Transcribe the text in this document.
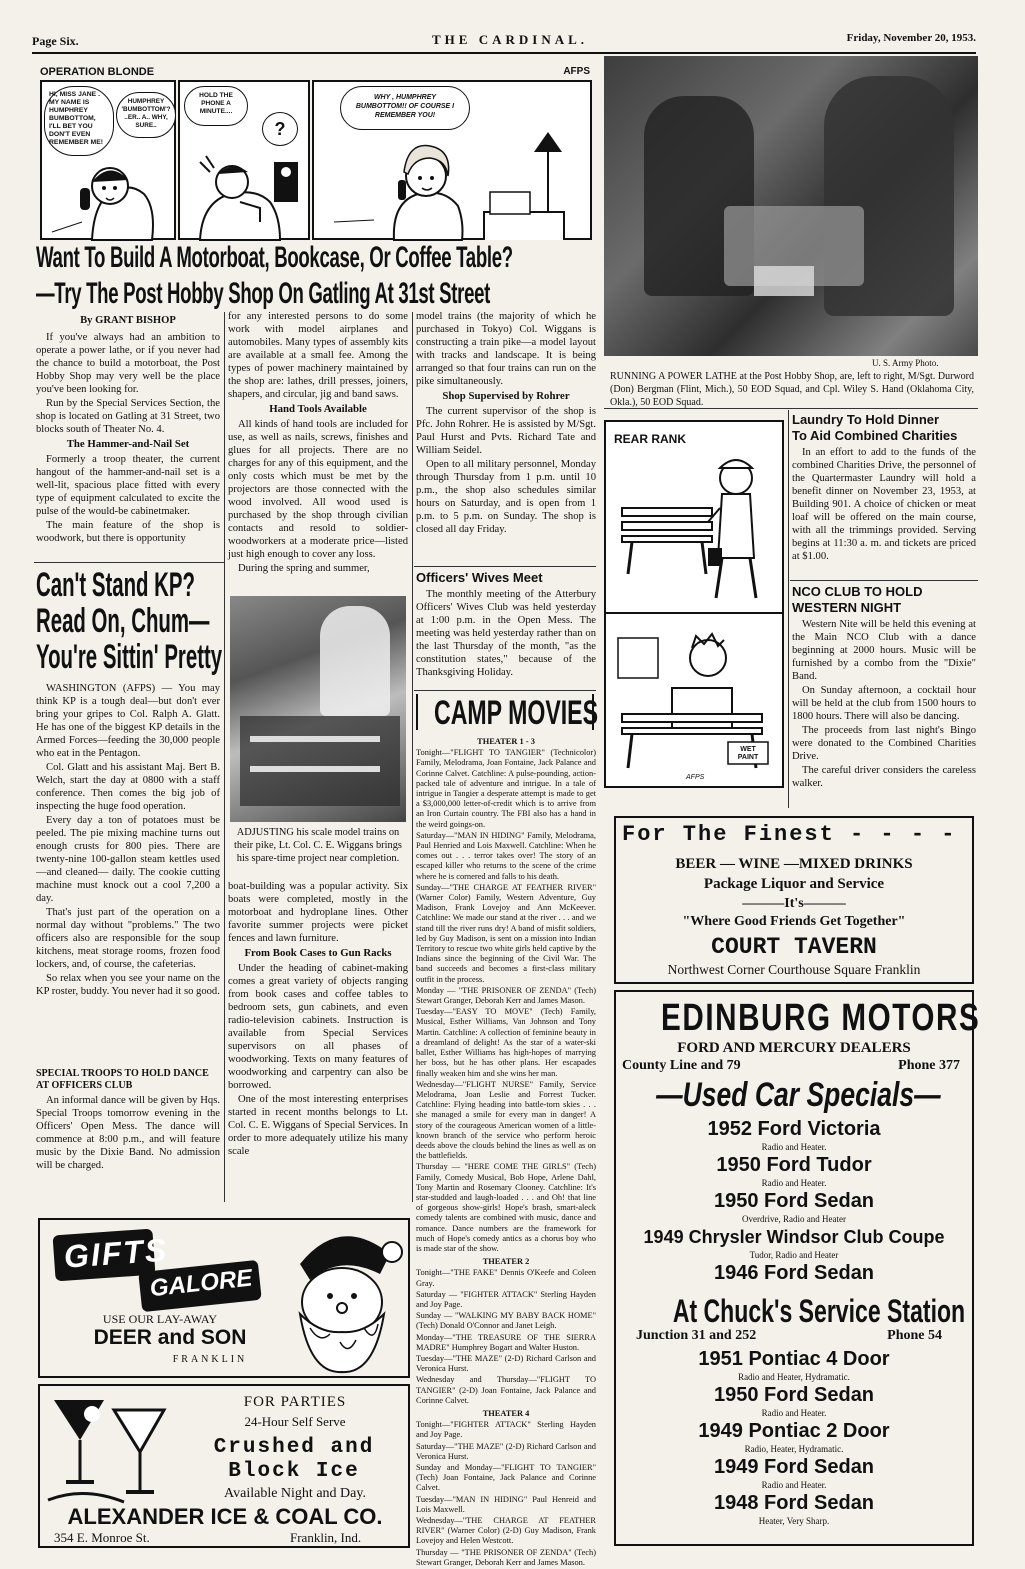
Page Six.	THE CARDINAL.	Friday, November 20, 1953.
OPERATION BLONDE	AFPS
HI, MISS JANE . MY NAME IS HUMPHREY BUMBOTTOM, I'LL BET YOU DON'T EVEN REMEMBER ME!
HUMPHREY 'BUMBOTTOM'? ..ER.. A.. WHY, SURE..
HOLD THE PHONE A MINUTE....
?
WHY , HUMPHREY BUMBOTTOM!! OF COURSE I REMEMBER YOU!
U. S. Army Photo.
RUNNING A POWER LATHE at the Post Hobby Shop, are, left to right, M/Sgt. Durword (Don) Bergman (Flint, Mich.), 50 EOD Squad, and Cpl. Wiley S. Hand (Oklahoma City, Okla.), 50 EOD Squad.
Want To Build A Motorboat, Bookcase, Or Coffee Table?
—Try The Post Hobby Shop On Gatling At 31st Street
By GRANT BISHOP

If you've always had an ambition to operate a power lathe, or if you never had the chance to build a motorboat, the Post Hobby Shop may very well be the place you've been looking for.

Run by the Special Services Section, the shop is located on Gatling at 31 Street, two blocks south of Theater No. 4.

The Hammer-and-Nail Set

Formerly a troop theater, the current hangout of the hammer-and-nail set is a well-lit, spacious place fitted with every type of equipment calculated to excite the pulse of the would-be cabinetmaker.

The main feature of the shop is woodwork, but there is opportunity

for any interested persons to do some work with model airplanes and automobiles. Many types of assembly kits are available at a small fee. Among the types of power machinery maintained by the shop are: lathes, drill presses, joiners, shapers, and circular, jig and band saws.

Hand Tools Available

All kinds of hand tools are included for use, as well as nails, screws, finishes and glues for all projects. There are no charges for any of this equipment, and the only costs which must be met by the projectors are those connected with the wood involved. All wood used is purchased by the shop through civilian contacts and resold to soldier-woodworkers at a moderate price—listed just high enough to cover any loss.

During the spring and summer,

ADJUSTING his scale model trains on their pike, Lt. Col. C. E. Wiggans brings his spare-time project near completion.

boat-building was a popular activity. Six boats were completed, mostly in the motorboat and hydroplane lines. Other favorite summer projects were picket fences and lawn furniture.

From Book Cases to Gun Racks

Under the heading of cabinet-making comes a great variety of objects ranging from book cases and coffee tables to bedroom sets, gun cabinets, and even radio-television cabinets. Instruction is available from Special Services supervisors on all phases of woodworking. Texts on many features of woodworking and carpentry can also be borrowed.

One of the most interesting enterprises started in recent months belongs to Lt. Col. C. E. Wiggans of Special Services. In order to more adequately utilize his many scale

model trains (the majority of which he purchased in Tokyo) Col. Wiggans is constructing a train pike—a model layout with tracks and landscape. It is being arranged so that four trains can run on the pike simultaneously.

Shop Supervised by Rohrer

The current supervisor of the shop is Pfc. John Rohrer. He is assisted by M/Sgt. Paul Hurst and Pvts. Richard Tate and William Seidel.

Open to all military personnel, Monday through Thursday from 1 p.m. until 10 p.m., the shop also schedules similar hours on Saturday, and is open from 1 p.m. to 5 p.m. on Sunday. The shop is closed all day Friday.

Officers' Wives Meet

The monthly meeting of the Atterbury Officers' Wives Club was held yesterday at 1:00 p.m. in the Open Mess. The meeting was held yesterday rather than on the last Thursday of the month, "as the constitution states," because of the Thanksgiving Holiday.

CAMP MOVIES
THEATER 1 - 3

Tonight—"FLIGHT TO TANGIER" (Technicolor) Family, Melodrama, Joan Fontaine, Jack Palance and Corinne Calvet. Catchline: A pulse-pounding, action-packed tale of adventure and intrigue. In a tale of intrigue in Tangier a desperate attempt is made to get a $3,000,000 letter-of-credit which is to arrive from an Iron Curtain country. The FBI also has a hand in the weird goings-on.

Saturday—"MAN IN HIDING" Family, Melodrama, Paul Henried and Lois Maxwell. Catchline: When he comes out . . . terror takes over! The story of an escaped killer who returns to the scene of the crime where he is cornered and falls to his death.

Sunday—"THE CHARGE AT FEATHER RIVER" (Warner Color) Family, Western Adventure, Guy Madison, Frank Lovejoy and Ann McKeever. Catchline: We made our stand at the river . . . and we stand till the river runs dry! A band of misfit soldiers, led by Guy Madison, is sent on a mission into Indian Territory to rescue two white girls held captive by the Indians since the beginning of the Civil War. The band succeeds and becomes a first-class military outfit in the process.

Monday — "THE PRISONER OF ZENDA" (Tech) Stewart Granger, Deborah Kerr and James Mason.

Tuesday—"EASY TO MOVE" (Tech) Family, Musical, Esther Williams, Van Johnson and Tony Martin. Catchline: A collection of feminine beauty in a dreamland of delight! As the star of a water-ski ballet, Esther Williams has high-hopes of marrying her boss, but he has other plans. Her escapades finally weaken him and she wins her man.

Wednesday—"FLIGHT NURSE" Family, Service Melodrama, Joan Leslie and Forrest Tucker. Catchline: Flying heading into battle-torn skies . . . she managed a smile for every man in danger! A story of the courageous American women of a little-known branch of the service who perform heroic deeds above the clouds behind the lines as well as on the battlefields.

Thursday — "HERE COME THE GIRLS" (Tech) Family, Comedy Musical, Bob Hope, Arlene Dahl, Tony Martin and Rosemary Clooney. Catchline: It's star-studded and laugh-loaded . . . and Oh! that line of gorgeous show-girls! Hope's brash, smart-aleck comedy talents are combined with music, dance and romance. Dance numbers are the framework for much of Hope's comedy antics as a chorus boy who is made star of the show.

THEATER 2

Tonight—"THE FAKE" Dennis O'Keefe and Coleen Gray.

Saturday — "FIGHTER ATTACK" Sterling Hayden and Joy Page.

Sunday — "WALKING MY BABY BACK HOME" (Tech) Donald O'Connor and Janet Leigh.

Monday—"THE TREASURE OF THE SIERRA MADRE" Humphrey Bogart and Walter Huston.

Tuesday—"THE MAZE" (2-D) Richard Carlson and Veronica Hurst.

Wednesday and Thursday—"FLIGHT TO TANGIER" (2-D) Joan Fontaine, Jack Palance and Corinne Calvet.

THEATER 4

Tonight—"FIGHTER ATTACK" Sterling Hayden and Joy Page.

Saturday—"THE MAZE" (2-D) Richard Carlson and Veronica Hurst.

Sunday and Monday—"FLIGHT TO TANGIER" (Tech) Joan Fontaine, Jack Palance and Corinne Calvet.

Tuesday—"MAN IN HIDING" Paul Henreid and Lois Maxwell.

Wednesday—"THE CHARGE AT FEATHER RIVER" (Warner Color) (2-D) Guy Madison, Frank Lovejoy and Helen Westcott.

Thursday — "THE PRISONER OF ZENDA" (Tech) Stewart Granger, Deborah Kerr and James Mason.

Can't Stand KP?
Read On, Chum—
You're Sittin' Pretty

WASHINGTON (AFPS) — You may think KP is a tough deal—but don't ever bring your gripes to Col. Ralph A. Glatt. He has one of the biggest KP details in the Armed Forces—feeding the 30,000 people who eat in the Pentagon.

Col. Glatt and his assistant Maj. Bert B. Welch, start the day at 0800 with a staff conference. Then comes the big job of inspecting the huge food operation.

Every day a ton of potatoes must be peeled. The pie mixing machine turns out enough crusts for 800 pies. There are twenty-nine 100-gallon steam kettles used—and cleaned— daily. The cookie cutting machine must knock out a cool 7,200 a day.

That's just part of the operation on a normal day without "problems." The two officers also are responsible for the soup kitchens, meat storage rooms, frozen food lockers, and, of course, the cafeterias.

So relax when you see your name on the KP roster, buddy. You never had it so good.

SPECIAL TROOPS TO HOLD DANCE AT OFFICERS CLUB

An informal dance will be given by Hqs. Special Troops tomorrow evening in the Officers' Open Mess. The dance will commence at 8:00 p.m., and will feature music by the Dixie Band. No admission will be charged.

GIFTS
GALORE
USE OUR LAY-AWAY
DEER and SON
FRANKLIN
FOR PARTIES
24-Hour Self Serve
Crushed and
Block Ice
Available Night and Day.
ALEXANDER ICE & COAL CO.
354 E. Monroe St.	Franklin, Ind.
REAR RANK
WET PAINT
AFPS
Laundry To Hold Dinner
To Aid Combined Charities

In an effort to add to the funds of the combined Charities Drive, the personnel of the Quartermaster Laundry will hold a benefit dinner on November 23, 1953, at Building 901. A choice of chicken or meat loaf will be offered on the main course, with all the trimmings provided. Serving begins at 11:30 a. m. and tickets are priced at $1.00.

NCO CLUB TO HOLD
WESTERN NIGHT

Western Nite will be held this evening at the Main NCO Club with a dance beginning at 2000 hours. Music will be furnished by a combo from the "Dixie" Band.

On Sunday afternoon, a cocktail hour will be held at the club from 1500 hours to 1800 hours. There will also be dancing.

The proceeds from last night's Bingo were donated to the Combined Charities Drive.

The careful driver considers the careless walker.

For The Finest - - - -
BEER — WINE —MIXED DRINKS
Package Liquor and Service
———It's———
"Where Good Friends Get Together"
COURT TAVERN
Northwest Corner Courthouse Square Franklin
EDINBURG MOTORS
FORD AND MERCURY DEALERS
County Line and 79	Phone 377
—Used Car Specials—
1952 Ford Victoria
Radio and Heater.
1950 Ford Tudor
Radio and Heater.
1950 Ford Sedan
Overdrive, Radio and Heater
1949 Chrysler Windsor Club Coupe
Tudor, Radio and Heater
1946 Ford Sedan
At Chuck's Service Station
Junction 31 and 252	Phone 54
1951 Pontiac 4 Door
Radio and Heater, Hydramatic.
1950 Ford Sedan
Radio and Heater.
1949 Pontiac 2 Door
Radio, Heater, Hydramatic.
1949 Ford Sedan
Radio and Heater.
1948 Ford Sedan
Heater, Very Sharp.
